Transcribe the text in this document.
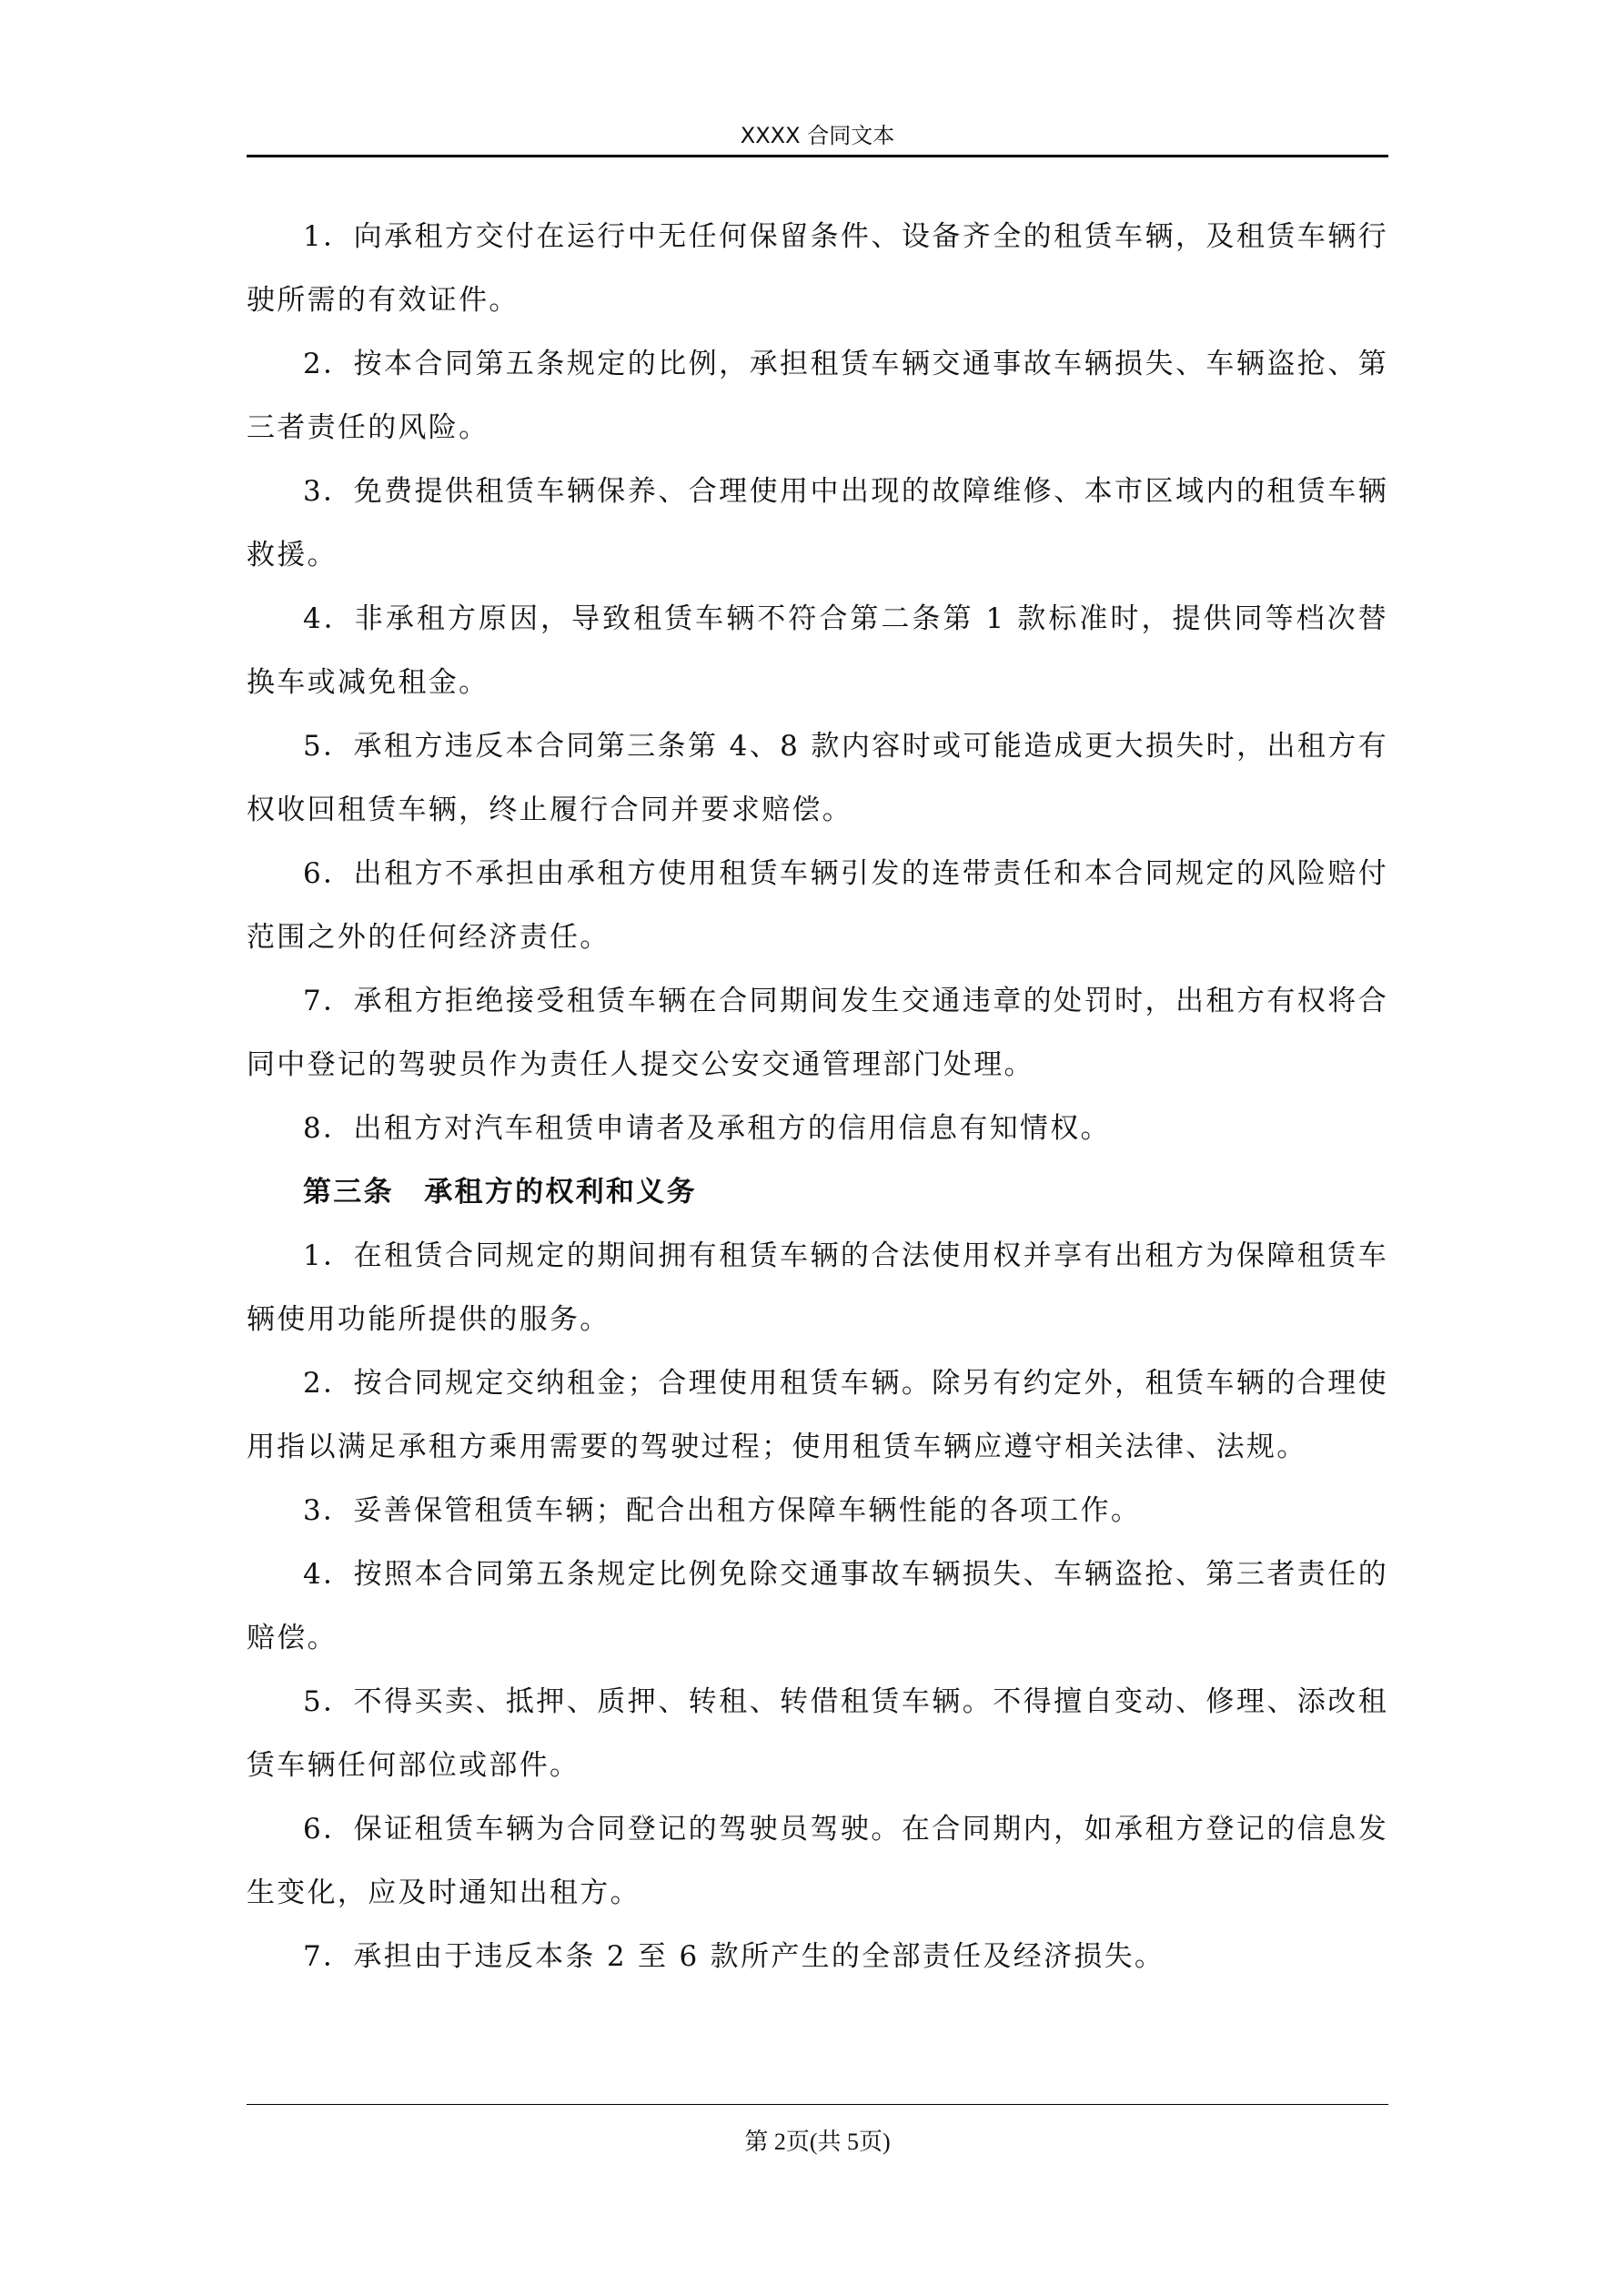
XXXX 合同文本

1．向承租方交付在运行中无任何保留条件、设备齐全的租赁车辆，及租赁车辆行驶所需的有效证件。

2．按本合同第五条规定的比例，承担租赁车辆交通事故车辆损失、车辆盗抢、第三者责任的风险。

3．免费提供租赁车辆保养、合理使用中出现的故障维修、本市区域内的租赁车辆救援。

4．非承租方原因，导致租赁车辆不符合第二条第 1 款标准时，提供同等档次替换车或减免租金。

5．承租方违反本合同第三条第 4、8 款内容时或可能造成更大损失时，出租方有权收回租赁车辆，终止履行合同并要求赔偿。

6．出租方不承担由承租方使用租赁车辆引发的连带责任和本合同规定的风险赔付范围之外的任何经济责任。

7．承租方拒绝接受租赁车辆在合同期间发生交通违章的处罚时，出租方有权将合同中登记的驾驶员作为责任人提交公安交通管理部门处理。

8．出租方对汽车租赁申请者及承租方的信用信息有知情权。

第三条　承租方的权利和义务

1．在租赁合同规定的期间拥有租赁车辆的合法使用权并享有出租方为保障租赁车辆使用功能所提供的服务。

2．按合同规定交纳租金；合理使用租赁车辆。除另有约定外，租赁车辆的合理使用指以满足承租方乘用需要的驾驶过程；使用租赁车辆应遵守相关法律、法规。

3．妥善保管租赁车辆；配合出租方保障车辆性能的各项工作。

4．按照本合同第五条规定比例免除交通事故车辆损失、车辆盗抢、第三者责任的赔偿。

5．不得买卖、抵押、质押、转租、转借租赁车辆。不得擅自变动、修理、添改租赁车辆任何部位或部件。

6．保证租赁车辆为合同登记的驾驶员驾驶。在合同期内，如承租方登记的信息发生变化，应及时通知出租方。

7．承担由于违反本条 2 至 6 款所产生的全部责任及经济损失。

第 2页(共 5页)
